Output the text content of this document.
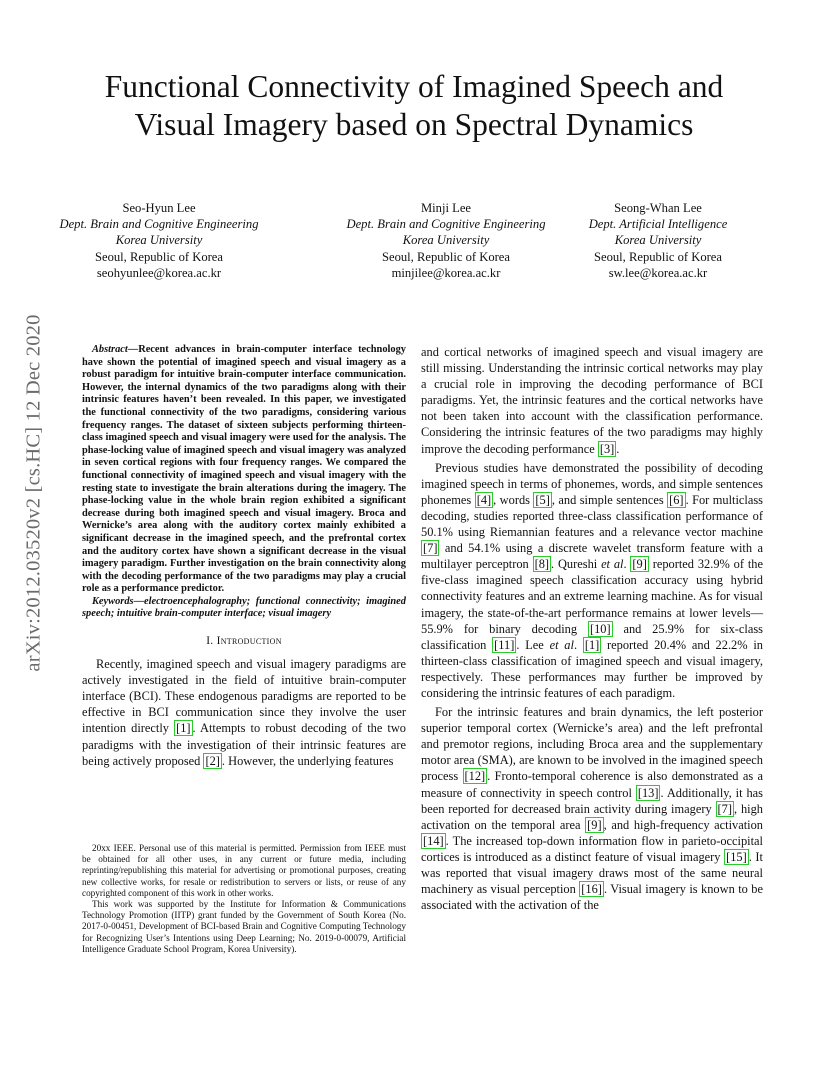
Functional Connectivity of Imagined Speech and
Visual Imagery based on Spectral Dynamics
Seo-Hyun Lee
Dept. Brain and Cognitive Engineering
Korea University
Seoul, Republic of Korea
seohyunlee@korea.ac.kr
Minji Lee
Dept. Brain and Cognitive Engineering
Korea University
Seoul, Republic of Korea
minjilee@korea.ac.kr
Seong-Whan Lee
Dept. Artificial Intelligence
Korea University
Seoul, Republic of Korea
sw.lee@korea.ac.kr
arXiv:2012.03520v2 [cs.HC] 12 Dec 2020	Abstract—Recent advances in brain-computer interface technology have shown the potential of imagined speech and visual imagery as a robust paradigm for intuitive brain-computer interface communication. However, the internal dynamics of the two paradigms along with their intrinsic features haven’t been revealed. In this paper, we investigated the functional connectivity of the two paradigms, considering various frequency ranges. The dataset of sixteen subjects performing thirteen-class imagined speech and visual imagery were used for the analysis. The phase-locking value of imagined speech and visual imagery was analyzed in seven cortical regions with four frequency ranges. We compared the functional connectivity of imagined speech and visual imagery with the resting state to investigate the brain alterations during the imagery. The phase-locking value in the whole brain region exhibited a significant decrease during both imagined speech and visual imagery. Broca and Wernicke’s area along with the auditory cortex mainly exhibited a significant decrease in the imagined speech, and the prefrontal cortex and the auditory cortex have shown a significant decrease in the visual imagery paradigm. Further investigation on the brain connectivity along with the decoding performance of the two paradigms may play a crucial role as a performance predictor.

Keywords—electroencephalography; functional connectivity; imagined speech; intuitive brain-computer interface; visual imagery

I. Introduction

Recently, imagined speech and visual imagery paradigms are actively investigated in the field of intuitive brain-computer interface (BCI). These endogenous paradigms are reported to be effective in BCI communication since they involve the user intention directly [1] . Attempts to robust decoding of the two paradigms with the investigation of their intrinsic features are being actively proposed [2] . However, the underlying features

20xx IEEE. Personal use of this material is permitted. Permission from IEEE must be obtained for all other uses, in any current or future media, including reprinting/republishing this material for advertising or promotional purposes, creating new collective works, for resale or redistribution to servers or lists, or reuse of any copyrighted component of this work in other works.

This work was supported by the Institute for Information & Communications Technology Promotion (IITP) grant funded by the Government of South Korea (No. 2017-0-00451, Development of BCI-based Brain and Cognitive Computing Technology for Recognizing User’s Intentions using Deep Learning; No. 2019-0-00079, Artificial Intelligence Graduate School Program, Korea University).

and cortical networks of imagined speech and visual imagery are still missing. Understanding the intrinsic cortical networks may play a crucial role in improving the decoding performance of BCI paradigms. Yet, the intrinsic features and the cortical networks have not been taken into account with the classification performance. Considering the intrinsic features of the two paradigms may highly improve the decoding performance [3] .

Previous studies have demonstrated the possibility of decoding imagined speech in terms of phonemes, words, and simple sentences phonemes [4] , words [5] , and simple sentences [6] . For multiclass decoding, studies reported three-class classification performance of 50.1% using Riemannian features and a relevance vector machine [7] and 54.1% using a discrete wavelet transform feature with a multilayer perceptron [8] . Qureshi et al. [9] reported 32.9% of the five-class imagined speech classification accuracy using hybrid connectivity features and an extreme learning machine. As for visual imagery, the state-of-the-art performance remains at lower levels—55.9% for binary decoding [10] and 25.9% for six-class classification [11] . Lee et al. [1] reported 20.4% and 22.2% in thirteen-class classification of imagined speech and visual imagery, respectively. These performances may further be improved by considering the intrinsic features of each paradigm.

For the intrinsic features and brain dynamics, the left posterior superior temporal cortex (Wernicke’s area) and the left prefrontal and premotor regions, including Broca area and the supplementary motor area (SMA), are known to be involved in the imagined speech process [12] . Fronto-temporal coherence is also demonstrated as a measure of connectivity in speech control [13] . Additionally, it has been reported for decreased brain activity during imagery [7] , high activation on the temporal area [9] , and high-frequency activation [14] . The increased top-down information flow in parieto-occipital cortices is introduced as a distinct feature of visual imagery [15] . It was reported that visual imagery draws most of the same neural machinery as visual perception [16] . Visual imagery is known to be associated with the activation of the
